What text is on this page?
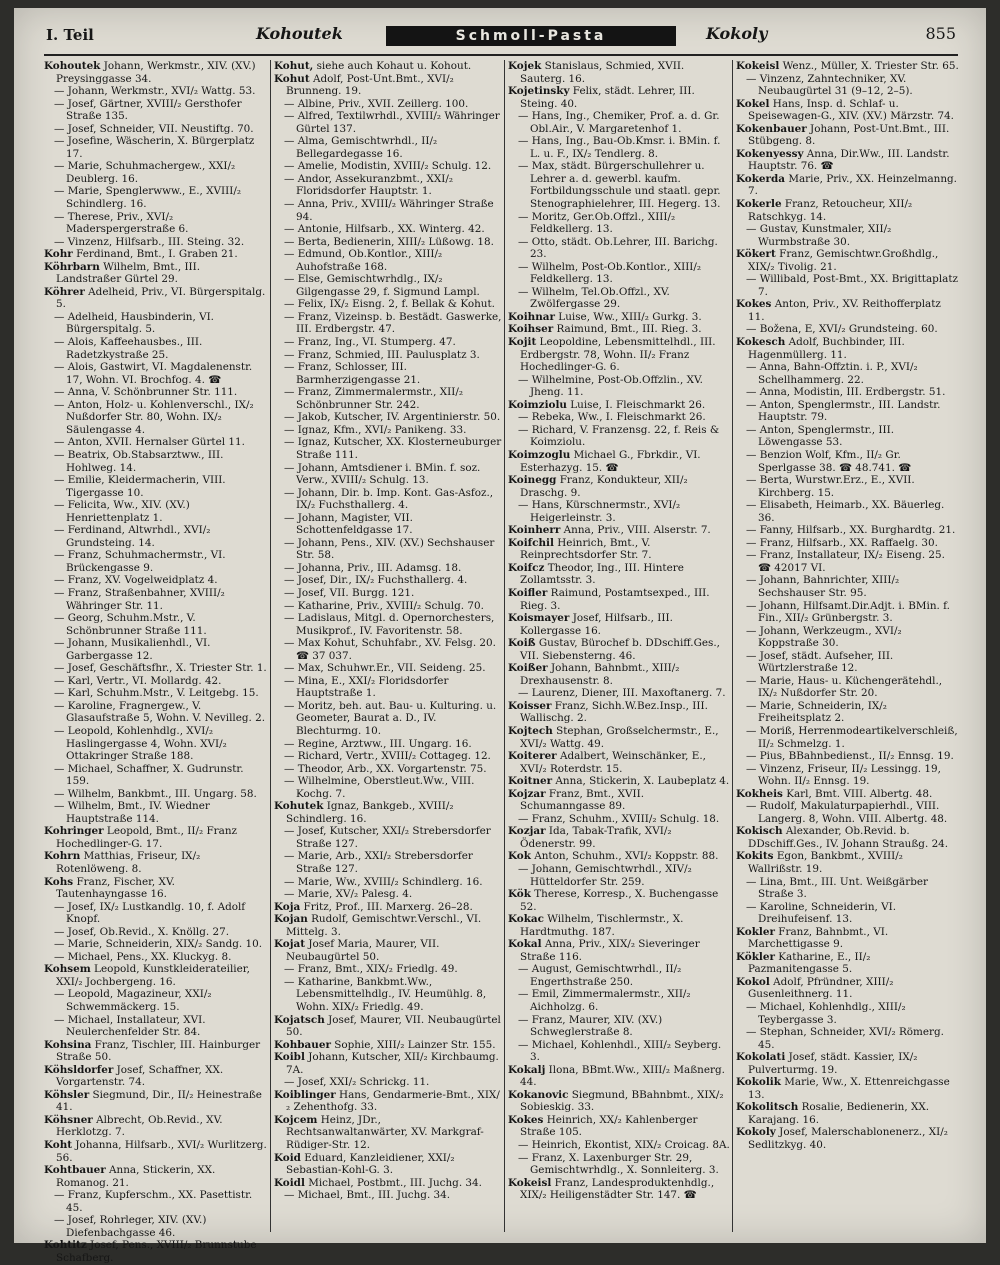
I. Teil	Kohoutek	Schmoll-Pasta	Kokoly	855

Kohoutek Johann, Werkmstr., XIV. (XV.) Preysinggasse 34.

— Johann, Werkmstr., XVI/₂ Wattg. 53.

— Josef, Gärtner, XVIII/₂ Gersthofer Straße 135.

— Josef, Schneider, VII. Neustiftg. 70.

— Josefine, Wäscherin, X. Bürgerplatz 17.

— Marie, Schuhmachergew., XXI/₂ Deublerg. 16.

— Marie, Spenglerwww., E., XVIII/₂ Schindlerg. 16.

— Therese, Priv., XVI/₂ Maderspergerstraße 6.

— Vinzenz, Hilfsarb., III. Steing. 32.

Kohr Ferdinand, Bmt., I. Graben 21.

Köhrbarn Wilhelm, Bmt., III. Landstraßer Gürtel 29.

Köhrer Adelheid, Priv., VI. Bürgerspitalg. 5.

— Adelheid, Hausbinderin, VI. Bürgerspitalg. 5.

— Alois, Kaffeehausbes., III. Radetzkystraße 25.

— Alois, Gastwirt, VI. Magdalenenstr. 17, Wohn. VI. Brochfog. 4. ☎

— Anna, V. Schönbrunner Str. 111.

— Anton, Holz- u. Kohlenverschl., IX/₂ Nußdorfer Str. 80, Wohn. IX/₂ Säulengasse 4.

— Anton, XVII. Hernalser Gürtel 11.

— Beatrix, Ob.Stabsarztww., III. Hohlweg. 14.

— Emilie, Kleidermacherin, VIII. Tigergasse 10.

— Felicita, Ww., XIV. (XV.) Henriettenplatz 1.

— Ferdinand, Altwrhdl., XVI/₂ Grundsteing. 14.

— Franz, Schuhmachermstr., VI. Brückengasse 9.

— Franz, XV. Vogelweidplatz 4.

— Franz, Straßenbahner, XVIII/₂ Währinger Str. 11.

— Georg, Schuhm.Mstr., V. Schönbrunner Straße 111.

— Johann, Musikalienhdl., VI. Garbergasse 12.

— Josef, Geschäftsfhr., X. Triester Str. 1.

— Karl, Vertr., VI. Mollardg. 42.

— Karl, Schuhm.Mstr., V. Leitgebg. 15.

— Karoline, Fragnergew., V. Glasaufstraße 5, Wohn. V. Nevilleg. 2.

— Leopold, Kohlenhdlg., XVI/₂ Haslingergasse 4, Wohn. XVI/₂ Ottakringer Straße 188.

— Michael, Schaffner, X. Gudrunstr. 159.

— Wilhelm, Bankbmt., III. Ungarg. 58.

— Wilhelm, Bmt., IV. Wiedner Hauptstraße 114.

Kohringer Leopold, Bmt., II/₂ Franz Hochedlinger-G. 17.

Kohrn Matthias, Friseur, IX/₂ Rotenlöweng. 8.

Kohs Franz, Fischer, XV. Tautenhayngasse 16.

— Josef, IX/₂ Lustkandlg. 10, f. Adolf Knopf.

— Josef, Ob.Revid., X. Knöllg. 27.

— Marie, Schneiderin, XIX/₂ Sandg. 10.

— Michael, Pens., XX. Kluckyg. 8.

Kohsem Leopold, Kunstkleiderateilier, XXI/₂ Jochbergeng. 16.

— Leopold, Magazineur, XXI/₂ Schwemmäckerg. 15.

— Michael, Installateur, XVI. Neulerchenfelder Str. 84.

Kohsina Franz, Tischler, III. Hainburger Straße 50.

Köhsldorfer Josef, Schaffner, XX. Vorgartenstr. 74.

Köhsler Siegmund, Dir., II/₂ Heinestraße 41.

Köhsner Albrecht, Ob.Revid., XV. Herklotzg. 7.

Koht Johanna, Hilfsarb., XVI/₂ Wurlitzerg. 56.

Kohtbauer Anna, Stickerin, XX. Romanog. 21.

— Franz, Kupferschm., XX. Pasettistr. 45.

— Josef, Rohrleger, XIV. (XV.) Diefenbachgasse 46.

Kohtitz Josef, Pens., XVIII/₂ Brunnstube Schafberg.

Kohut, siehe auch Kohaut u. Kohout.

Kohut Adolf, Post-Unt.Bmt., XVI/₂ Brunneng. 19.

— Albine, Priv., XVII. Zeillerg. 100.

— Alfred, Textilwrhdl., XVIII/₂ Währinger Gürtel 137.

— Alma, Gemischtwrhdl., II/₂ Bellegardegasse 16.

— Amelie, Modistin, XVIII/₂ Schulg. 12.

— Andor, Assekuranzbmt., XXI/₂ Floridsdorfer Hauptstr. 1.

— Anna, Priv., XVIII/₂ Währinger Straße 94.

— Antonie, Hilfsarb., XX. Winterg. 42.

— Berta, Bedienerin, XIII/₂ Lüßowg. 18.

— Edmund, Ob.Kontlor., XIII/₂ Auhofstraße 168.

— Else, Gemischtwrhdlg., IX/₂ Gilgengasse 29, f. Sigmund Lampl.

— Felix, IX/₂ Eisng. 2, f. Bellak & Kohut.

— Franz, Vizeinsp. b. Bestädt. Gaswerke, III. Erdbergstr. 47.

— Franz, Ing., VI. Stumperg. 47.

— Franz, Schmied, III. Paulusplatz 3.

— Franz, Schlosser, III. Barmherzigengasse 21.

— Franz, Zimmermalermstr., XII/₂ Schönbrunner Str. 242.

— Jakob, Kutscher, IV. Argentinierstr. 50.

— Ignaz, Kfm., XVI/₂ Panikeng. 33.

— Ignaz, Kutscher, XX. Klosterneuburger Straße 111.

— Johann, Amtsdiener i. BMin. f. soz. Verw., XVIII/₂ Schulg. 13.

— Johann, Dir. b. Imp. Kont. Gas-Asfoz., IX/₂ Fuchsthallerg. 4.

— Johann, Magister, VII. Schottenfeldgasse 17.

— Johann, Pens., XIV. (XV.) Sechshauser Str. 58.

— Johanna, Priv., III. Adamsg. 18.

— Josef, Dir., IX/₂ Fuchsthallerg. 4.

— Josef, VII. Burgg. 121.

— Katharine, Priv., XVIII/₂ Schulg. 70.

— Ladislaus, Mitgl. d. Opernorchesters, Musikprof., IV. Favoritenstr. 58.

— Max Kohut, Schuhfabr., XV. Felsg. 20. ☎ 37 037.

— Max, Schuhwr.Er., VII. Seideng. 25.

— Mina, E., XXI/₂ Floridsdorfer Hauptstraße 1.

— Moritz, beh. aut. Bau- u. Kulturing. u. Geometer, Baurat a. D., IV. Blechturmg. 10.

— Regine, Arztww., III. Ungarg. 16.

— Richard, Vertr., XVIII/₂ Cottageg. 12.

— Theodor, Arb., XX. Vorgartenstr. 75.

— Wilhelmine, Oberstleut.Ww., VIII. Kochg. 7.

Kohutek Ignaz, Bankgeb., XVIII/₂ Schindlerg. 16.

— Josef, Kutscher, XXI/₂ Strebersdorfer Straße 127.

— Marie, Arb., XXI/₂ Strebersdorfer Straße 127.

— Marie, Ww., XVIII/₂ Schindlerg. 16.

— Marie, XV/₂ Palesg. 4.

Koja Fritz, Prof., III. Marxerg. 26–28.

Kojan Rudolf, Gemischtwr.Verschl., VI. Mittelg. 3.

Kojat Josef Maria, Maurer, VII. Neubaugürtel 50.

— Franz, Bmt., XIX/₂ Friedlg. 49.

— Katharine, Bankbmt.Ww., Lebensmittelhdlg., IV. Heumühlg. 8, Wohn. XIX/₂ Friedlg. 49.

Kojatsch Josef, Maurer, VII. Neubaugürtel 50.

Kohbauer Sophie, XIII/₂ Lainzer Str. 155.

Koibl Johann, Kutscher, XII/₂ Kirchbaumg. 7A.

— Josef, XXI/₂ Schrickg. 11.

Koiblinger Hans, Gendarmerie-Bmt., XIX/₂ Zehenthofg. 33.

Kojcem Heinz, JDr., Rechtsanwaltanwärter, XV. Markgraf-Rüdiger-Str. 12.

Koid Eduard, Kanzleidiener, XXI/₂ Sebastian-Kohl-G. 3.

Koidl Michael, Postbmt., III. Juchg. 34.

— Michael, Bmt., III. Juchg. 34.

Kojek Stanislaus, Schmied, XVII. Sauterg. 16.

Kojetinsky Felix, städt. Lehrer, III. Steing. 40.

— Hans, Ing., Chemiker, Prof. a. d. Gr. Obl.Air., V. Margaretenhof 1.

— Hans, Ing., Bau-Ob.Kmsr. i. BMin. f. L. u. F., IX/₂ Tendlerg. 8.

— Max, städt. Bürgerschullehrer u. Lehrer a. d. gewerbl. kaufm. Fortbildungsschule und staatl. gepr. Stenographielehrer, III. Hegerg. 13.

— Moritz, Ger.Ob.Offzl., XIII/₂ Feldkellerg. 13.

— Otto, städt. Ob.Lehrer, III. Barichg. 23.

— Wilhelm, Post-Ob.Kontlor., XIII/₂ Feldkellerg. 13.

— Wilhelm, Tel.Ob.Offzl., XV. Zwölfergasse 29.

Koihnar Luise, Ww., XIII/₂ Gurkg. 3.

Koihser Raimund, Bmt., III. Rieg. 3.

Kojit Leopoldine, Lebensmittelhdl., III. Erdbergstr. 78, Wohn. II/₂ Franz Hochedlinger-G. 6.

— Wilhelmine, Post-Ob.Offzlin., XV. Jheng. 11.

Koimziolu Luise, I. Fleischmarkt 26.

— Rebeka, Ww., I. Fleischmarkt 26.

— Richard, V. Franzensg. 22, f. Reis & Koimziolu.

Koimzoglu Michael G., Fbrkdir., VI. Esterhazyg. 15. ☎

Koinegg Franz, Kondukteur, XII/₂ Draschg. 9.

— Hans, Kürschnermstr., XVI/₂ Heigerleinstr. 3.

Koinherr Anna, Priv., VIII. Alserstr. 7.

Koifchil Heinrich, Bmt., V. Reinprechtsdorfer Str. 7.

Koifcz Theodor, Ing., III. Hintere Zollamtsstr. 3.

Koifler Raimund, Postamtsexped., III. Rieg. 3.

Koismayer Josef, Hilfsarb., III. Kollergasse 16.

Koiß Gustav, Bürochef b. DDschiff.Ges., VII. Siebensterng. 46.

Koißer Johann, Bahnbmt., XIII/₂ Drexhausenstr. 8.

— Laurenz, Diener, III. Maxoftanerg. 7.

Koisser Franz, Sichh.W.Bez.Insp., III. Wallischg. 2.

Kojtech Stephan, Großselchermstr., E., XVI/₂ Wattg. 49.

Koiterer Adalbert, Weinschänker, E., XVI/₂ Roterdstr. 15.

Koitner Anna, Stickerin, X. Laubeplatz 4.

Kojzar Franz, Bmt., XVII. Schumanngasse 89.

— Franz, Schuhm., XVIII/₂ Schulg. 18.

Kozjar Ida, Tabak-Trafik, XVI/₂ Ödenerstr. 99.

Kok Anton, Schuhm., XVI/₂ Koppstr. 88.

— Johann, Gemischtwrhdl., XIV/₂ Hütteldorfer Str. 259.

Kök Therese, Korresp., X. Buchengasse 52.

Kokac Wilhelm, Tischlermstr., X. Hardtmuthg. 187.

Kokal Anna, Priv., XIX/₂ Sieveringer Straße 116.

— August, Gemischtwrhdl., II/₂ Engerthstraße 250.

— Emil, Zimmermalermstr., XII/₂ Aichholzg. 6.

— Franz, Maurer, XIV. (XV.) Schweglerstraße 8.

— Michael, Kohlenhdl., XIII/₂ Seyberg. 3.

Kokalj Ilona, BBmt.Ww., XIII/₂ Maßnerg. 44.

Kokanovic Siegmund, BBahnbmt., XIX/₂ Sobieskig. 33.

Kokes Heinrich, XX/₂ Kahlenberger Straße 105.

— Heinrich, Ekontist, XIX/₂ Croicag. 8A.

— Franz, X. Laxenburger Str. 29, Gemischtwrhdlg., X. Sonnleiterg. 3.

Kokeisl Franz, Landesproduktenhdlg., XIX/₂ Heiligenstädter Str. 147. ☎

Kokeisl Wenz., Müller, X. Triester Str. 65.

— Vinzenz, Zahntechniker, XV. Neubaugürtel 31 (9–12, 2–5).

Kokel Hans, Insp. d. Schlaf- u. Speisewagen-G., XIV. (XV.) Märzstr. 74.

Kokenbauer Johann, Post-Unt.Bmt., III. Stübgeng. 8.

Kokenyessy Anna, Dir.Ww., III. Landstr. Hauptstr. 76. ☎

Kokerda Marie, Priv., XX. Heinzelmanng. 7.

Kokerle Franz, Retoucheur, XII/₂ Ratschkyg. 14.

— Gustav, Kunstmaler, XII/₂ Wurmbstraße 30.

Kökert Franz, Gemischtwr.Großhdlg., XIX/₂ Tivolig. 21.

— Willibald, Post-Bmt., XX. Brigittaplatz 7.

Kokes Anton, Priv., XV. Reithofferplatz 11.

— Božena, E, XVI/₂ Grundsteing. 60.

Kokesch Adolf, Buchbinder, III. Hagenmüllerg. 11.

— Anna, Bahn-Offztin. i. P., XVI/₂ Schellhammerg. 22.

— Anna, Modistin, III. Erdbergstr. 51.

— Anton, Spenglermstr., III. Landstr. Hauptstr. 79.

— Anton, Spenglermstr., III. Löwengasse 53.

— Benzion Wolf, Kfm., II/₂ Gr. Sperlgasse 38. ☎ 48.741. ☎

— Berta, Wurstwr.Erz., E., XVII. Kirchberg. 15.

— Elisabeth, Heimarb., XX. Bäuerleg. 36.

— Fanny, Hilfsarb., XX. Burghardtg. 21.

— Franz, Hilfsarb., XX. Raffaelg. 30.

— Franz, Installateur, IX/₂ Eiseng. 25. ☎ 42017 VI.

— Johann, Bahnrichter, XIII/₂ Sechshauser Str. 95.

— Johann, Hilfsamt.Dir.Adjt. i. BMin. f. Fin., XII/₂ Grünbergstr. 3.

— Johann, Werkzeugm., XVI/₂ Koppstraße 30.

— Josef, städt. Aufseher, III. Würtzlerstraße 12.

— Marie, Haus- u. Küchengerätehdl., IX/₂ Nußdorfer Str. 20.

— Marie, Schneiderin, IX/₂ Freiheitsplatz 2.

— Moriß, Herrenmodeartikelverschleiß, II/₂ Schmelzg. 1.

— Pius, BBahnbedienst., II/₂ Ennsg. 19.

— Vinzenz, Friseur, II/₂ Lessingg. 19, Wohn. II/₂ Ennsg. 19.

Kokheis Karl, Bmt. VIII. Albertg. 48.

— Rudolf, Makulaturpapierhdl., VIII. Langerg. 8, Wohn. VIII. Albertg. 48.

Kokisch Alexander, Ob.Revid. b. DDschiff.Ges., IV. Johann Straußg. 24.

Kokits Egon, Bankbmt., XVIII/₂ Wallrißstr. 19.

— Lina, Bmt., III. Unt. Weißgärber Straße 3.

— Karoline, Schneiderin, VI. Dreihufeisenf. 13.

Kokler Franz, Bahnbmt., VI. Marchettigasse 9.

Kökler Katharine, E., II/₂ Pazmanitengasse 5.

Kokol Adolf, Pfründner, XIII/₂ Gusenleithnerg. 11.

— Michael, Kohlenhdlg., XIII/₂ Teybergasse 3.

— Stephan, Schneider, XVI/₂ Römerg. 45.

Kokolati Josef, städt. Kassier, IX/₂ Pulverturmg. 19.

Kokolik Marie, Ww., X. Ettenreichgasse 13.

Kokolitsch Rosalie, Bedienerin, XX. Karajang. 16.

Kokoly Josef, Malerschablonenerz., XI/₂ Sedlitzkyg. 40.
